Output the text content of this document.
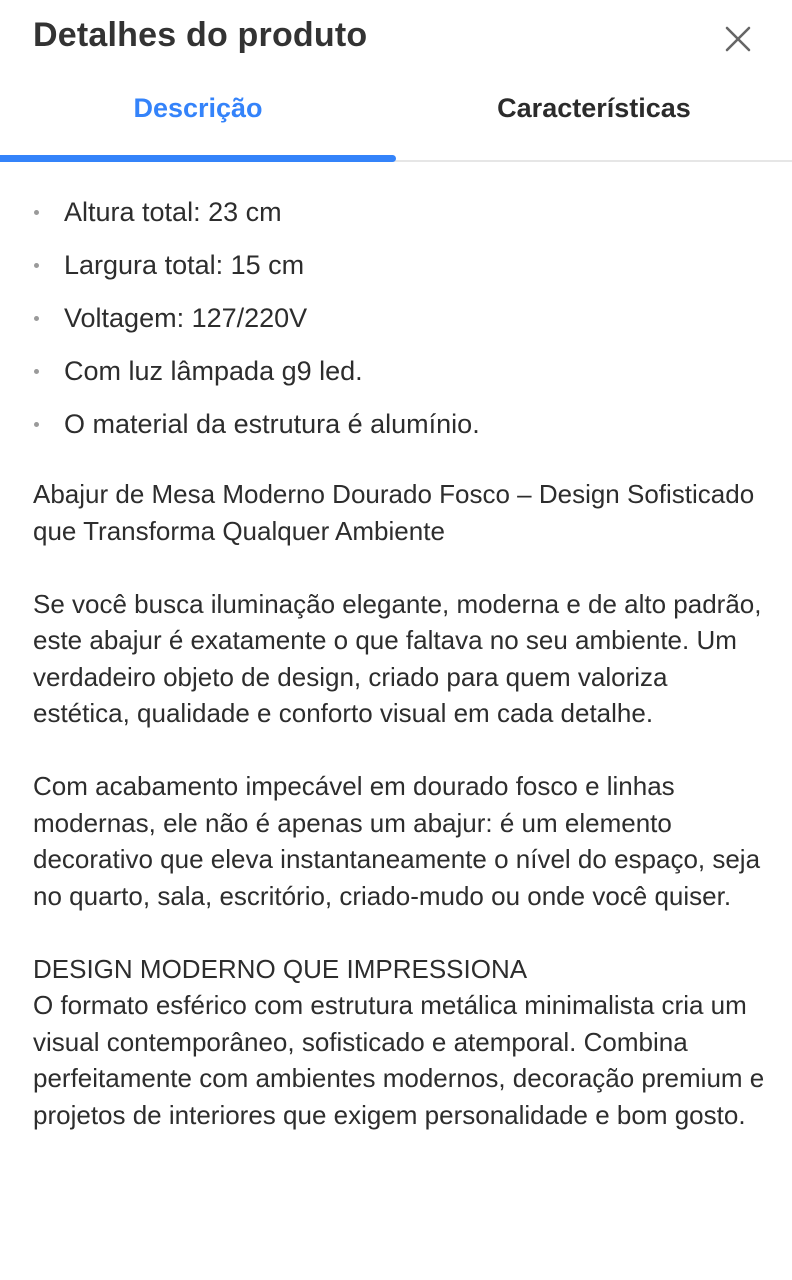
Detalhes do produto
Descrição	Características
Altura total: 23 cm
Largura total: 15 cm
Voltagem: 127/220V
Com luz lâmpada g9 led.
O material da estrutura é alumínio.

Abajur de Mesa Moderno Dourado Fosco – Design Sofisticado que Transforma Qualquer Ambiente

Se você busca iluminação elegante, moderna e de alto padrão, este abajur é exatamente o que faltava no seu ambiente. Um verdadeiro objeto de design, criado para quem valoriza estética, qualidade e conforto visual em cada detalhe.

Com acabamento impecável em dourado fosco e linhas modernas, ele não é apenas um abajur: é um elemento decorativo que eleva instantaneamente o nível do espaço, seja no quarto, sala, escritório, criado-mudo ou onde você quiser.

DESIGN MODERNO QUE IMPRESSIONA

O formato esférico com estrutura metálica minimalista cria um visual contemporâneo, sofisticado e atemporal. Combina perfeitamente com ambientes modernos, decoração premium e projetos de interiores que exigem personalidade e bom gosto.
